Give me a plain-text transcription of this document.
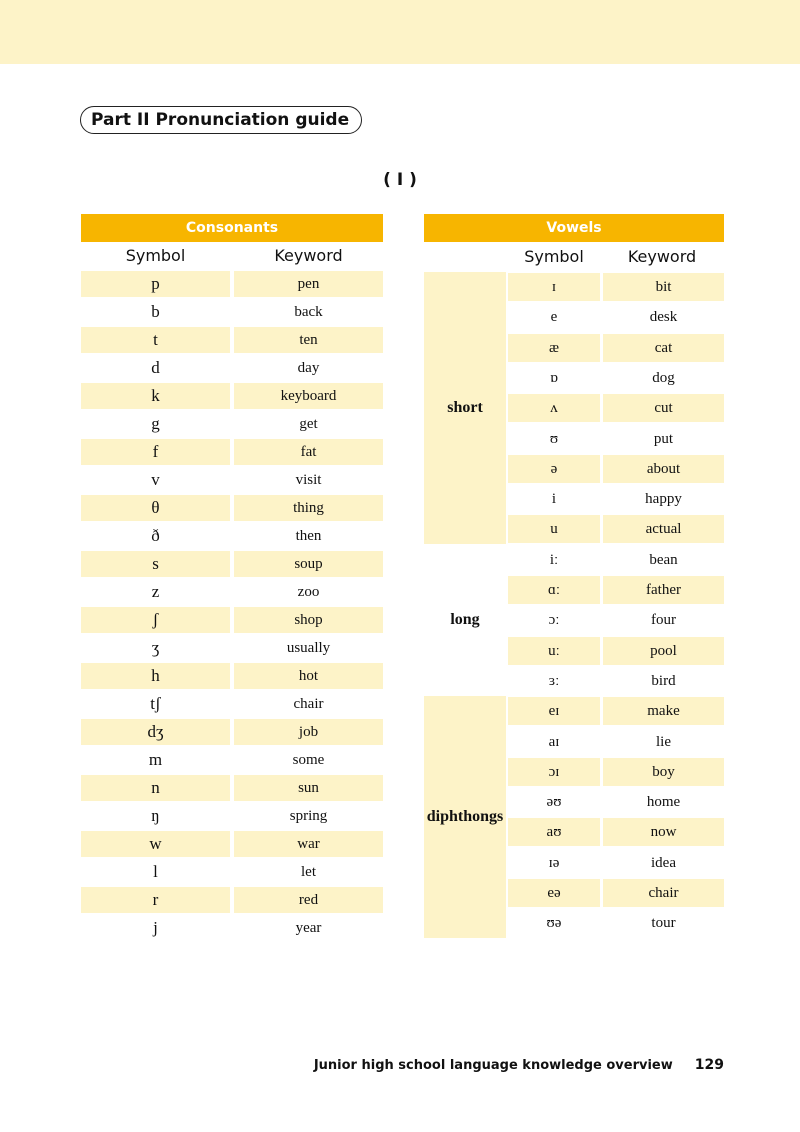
Part II Pronunciation guide
( I )
Consonants
Symbol	Keyword
p	pen
b	back
t	ten
d	day
k	keyboard
g	get
f	fat
v	visit
θ	thing
ð	then
s	soup
z	zoo
ʃ	shop
ʒ	usually
h	hot
tʃ	chair
dʒ	job
m	some
n	sun
ŋ	spring
w	war
l	let
r	red
j	year
Vowels
Symbol	Keyword
short
ɪ	bit
e	desk
æ	cat
ɒ	dog
ʌ	cut
ʊ	put
ə	about
i	happy
u	actual
long
iː	bean
ɑː	father
ɔː	four
uː	pool
ɜː	bird
diphthongs
eɪ	make
aɪ	lie
ɔɪ	boy
əʊ	home
aʊ	now
ɪə	idea
eə	chair
ʊə	tour
Junior high school language knowledge overview 129
